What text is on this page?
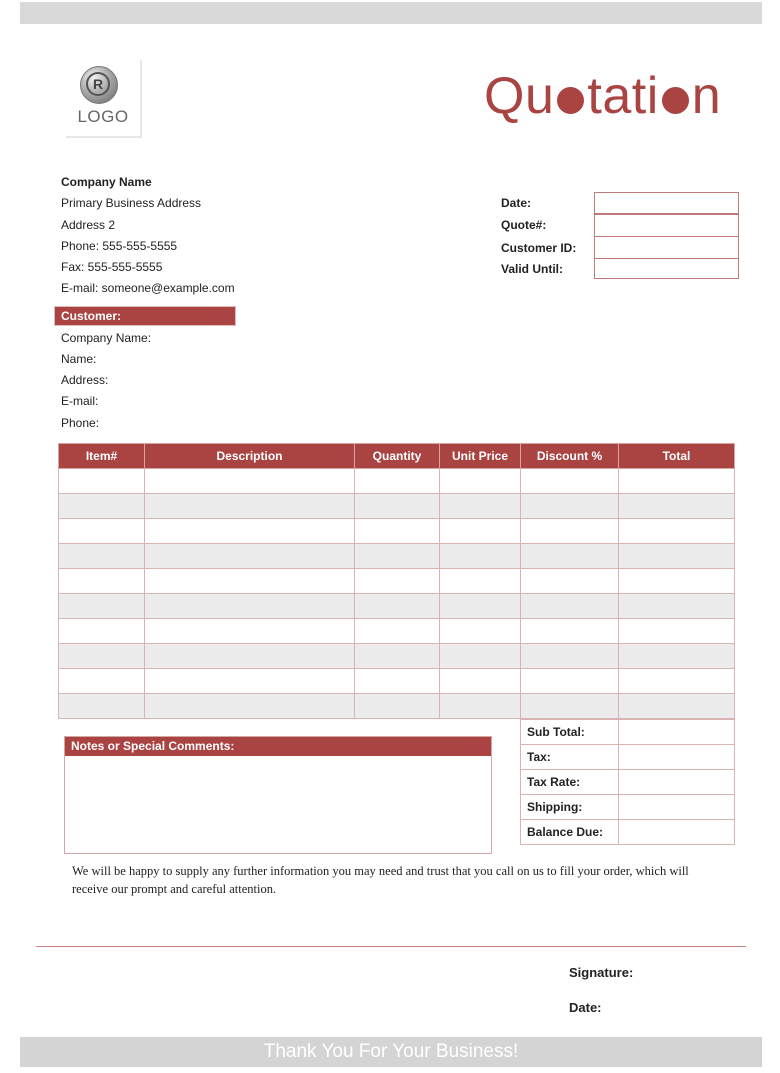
R
LOGO	Qu tati n
Company Name
Primary Business Address
Address 2
Phone: 555-555-5555
Fax: 555-555-5555
E-mail: someone@example.com
Date:
Quote#:
Customer ID:
Valid Until:
Customer:
Company Name:
Name:
Address:
E-mail:
Phone:
Item#	Description	Quantity	Unit Price	Discount %	Total

Sub Total:	
Tax:	
Tax Rate:	
Shipping:	
Balance Due:	
Notes or Special Comments:
We will be happy to supply any further information you may need and trust that you call on us to fill your order, which will receive our prompt and careful attention.
Signature:
Date:
Thank You For Your Business!
